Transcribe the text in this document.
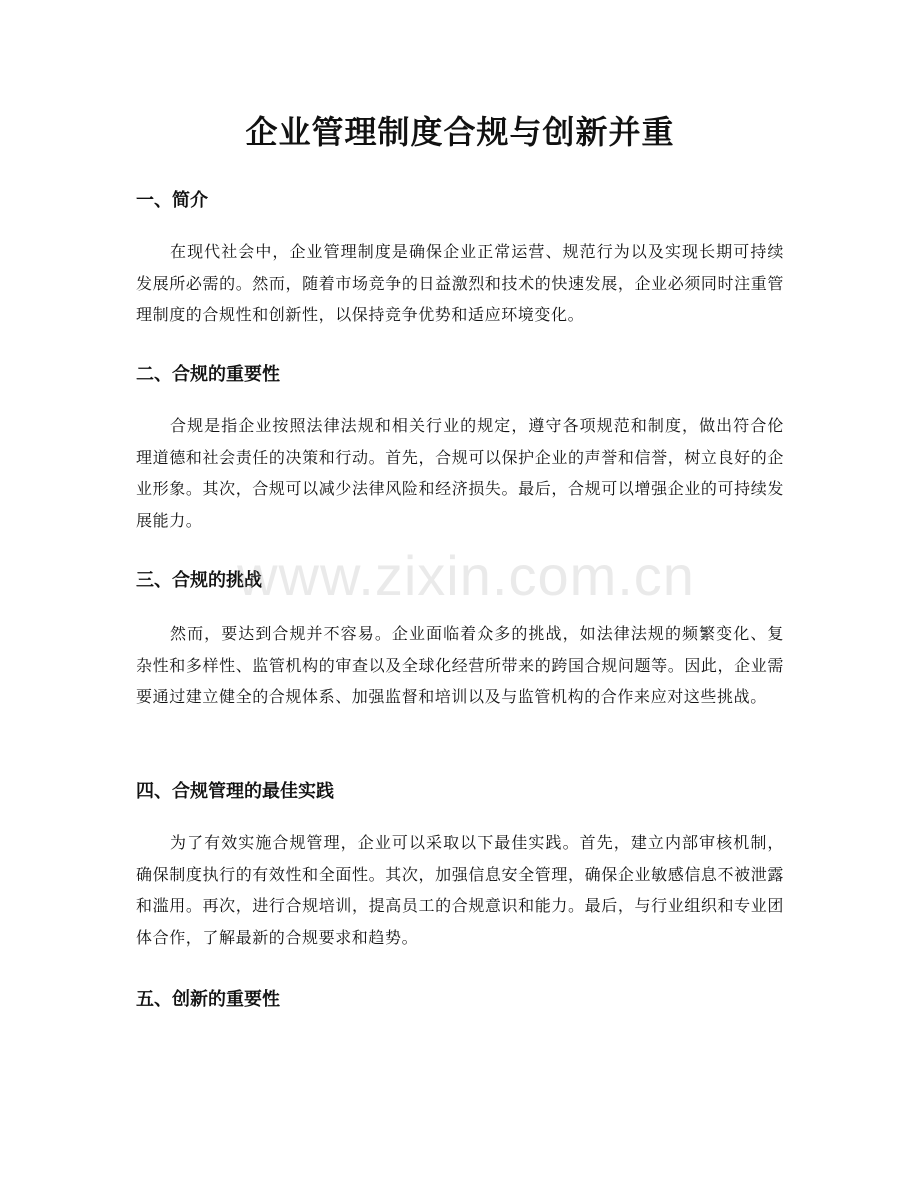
企业管理制度合规与创新并重
一、简介

在现代社会中，企业管理制度是确保企业正常运营、规范行为以及实现长期可持续发展所必需的。然而，随着市场竞争的日益激烈和技术的快速发展，企业必须同时注重管理制度的合规性和创新性，以保持竞争优势和适应环境变化。

二、合规的重要性

合规是指企业按照法律法规和相关行业的规定，遵守各项规范和制度，做出符合伦理道德和社会责任的决策和行动。首先，合规可以保护企业的声誉和信誉，树立良好的企业形象。其次，合规可以减少法律风险和经济损失。最后，合规可以增强企业的可持续发展能力。

三、合规的挑战

然而，要达到合规并不容易。企业面临着众多的挑战，如法律法规的频繁变化、复杂性和多样性、监管机构的审查以及全球化经营所带来的跨国合规问题等。因此，企业需要通过建立健全的合规体系、加强监督和培训以及与监管机构的合作来应对这些挑战。

四、合规管理的最佳实践

为了有效实施合规管理，企业可以采取以下最佳实践。首先，建立内部审核机制，确保制度执行的有效性和全面性。其次，加强信息安全管理，确保企业敏感信息不被泄露和滥用。再次，进行合规培训，提高员工的合规意识和能力。最后，与行业组织和专业团体合作，了解最新的合规要求和趋势。

五、创新的重要性
www.zixin.com.cn
